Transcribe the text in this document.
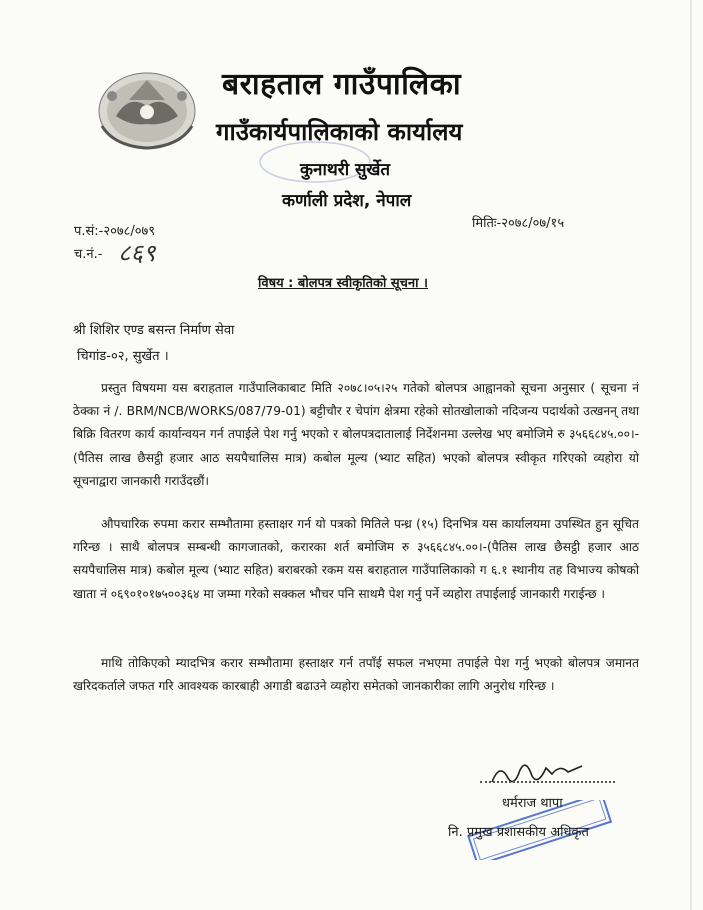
बराहताल गाउँपालिका
गाउँकार्यपालिकाको कार्यालय
कुनाथरी सुर्खेत
कर्णाली प्रदेश, नेपाल
प.सं:-२०७८/०७९
च.नं.- ८६९
मितिः-२०७८/०७/१५
विषय : बोलपत्र स्वीकृतिको सूचना ।
श्री शिशिर एण्ड बसन्त निर्माण सेवा
चिगांड-०२, सुर्खेत ।
प्रस्तुत विषयमा यस बराहताल गाउँपालिकाबाट मिति २०७८।०५।२५ गतेको बोलपत्र आह्वानको सूचना अनुसार ( सूचना नं ठेक्का नं /. BRM/NCB/WORKS/087/79-01) बट्टीचौर र चेपांग क्षेत्रमा रहेको सोतखोलाको नदिजन्य पदार्थको उत्खनन् तथा बिक्रि वितरण कार्य कार्यान्वयन गर्न तपाईले पेश गर्नु भएको र बोलपत्रदातालाई निर्देशनमा उल्लेख भए बमोजिमे रु ३५६६८४५.००।- (पैतिस लाख छैसट्ठी हजार आठ सयपैचालिस मात्र) कबोल मूल्य (भ्याट सहित) भएको बोलपत्र स्वीकृत गरिएको व्यहोरा यो सूचनाद्वारा जानकारी गराउँदछौं।
औपचारिक रुपमा करार सम्भौतामा हस्ताक्षर गर्न यो पत्रको मितिले पन्ध्र (१५) दिनभित्र यस कार्यालयमा उपस्थित हुन सूचित गरिन्छ । साथै बोलपत्र सम्बन्धी कागजातको, करारका शर्त बमोजिम रु ३५६६८४५.००।-(पैतिस लाख छैसट्ठी हजार आठ सयपैचालिस मात्र) कबोल मूल्य (भ्याट सहित) बराबरको रकम यस बराहताल गाउँपालिकाको ग ६.१ स्थानीय तह विभाज्य कोषको खाता नं ०६९०१०१७५००३६४ मा जम्मा गरेको सक्कल भौचर पनि साथमै पेश गर्नु पर्ने व्यहोरा तपाईलाई जानकारी गराईन्छ ।
माथि तोकिएको म्यादभित्र करार सम्भौतामा हस्ताक्षर गर्न तपाँई सफल नभएमा तपाईले पेश गर्नु भएको बोलपत्र जमानत खरिदकर्ताले जफत गरि आवश्यक कारबाही अगाडी बढाउने व्यहोरा समेतको जानकारीका लागि अनुरोध गरिन्छ ।
धर्मराज थापा
नि. प्रमुख प्रशासकीय अधिकृत
